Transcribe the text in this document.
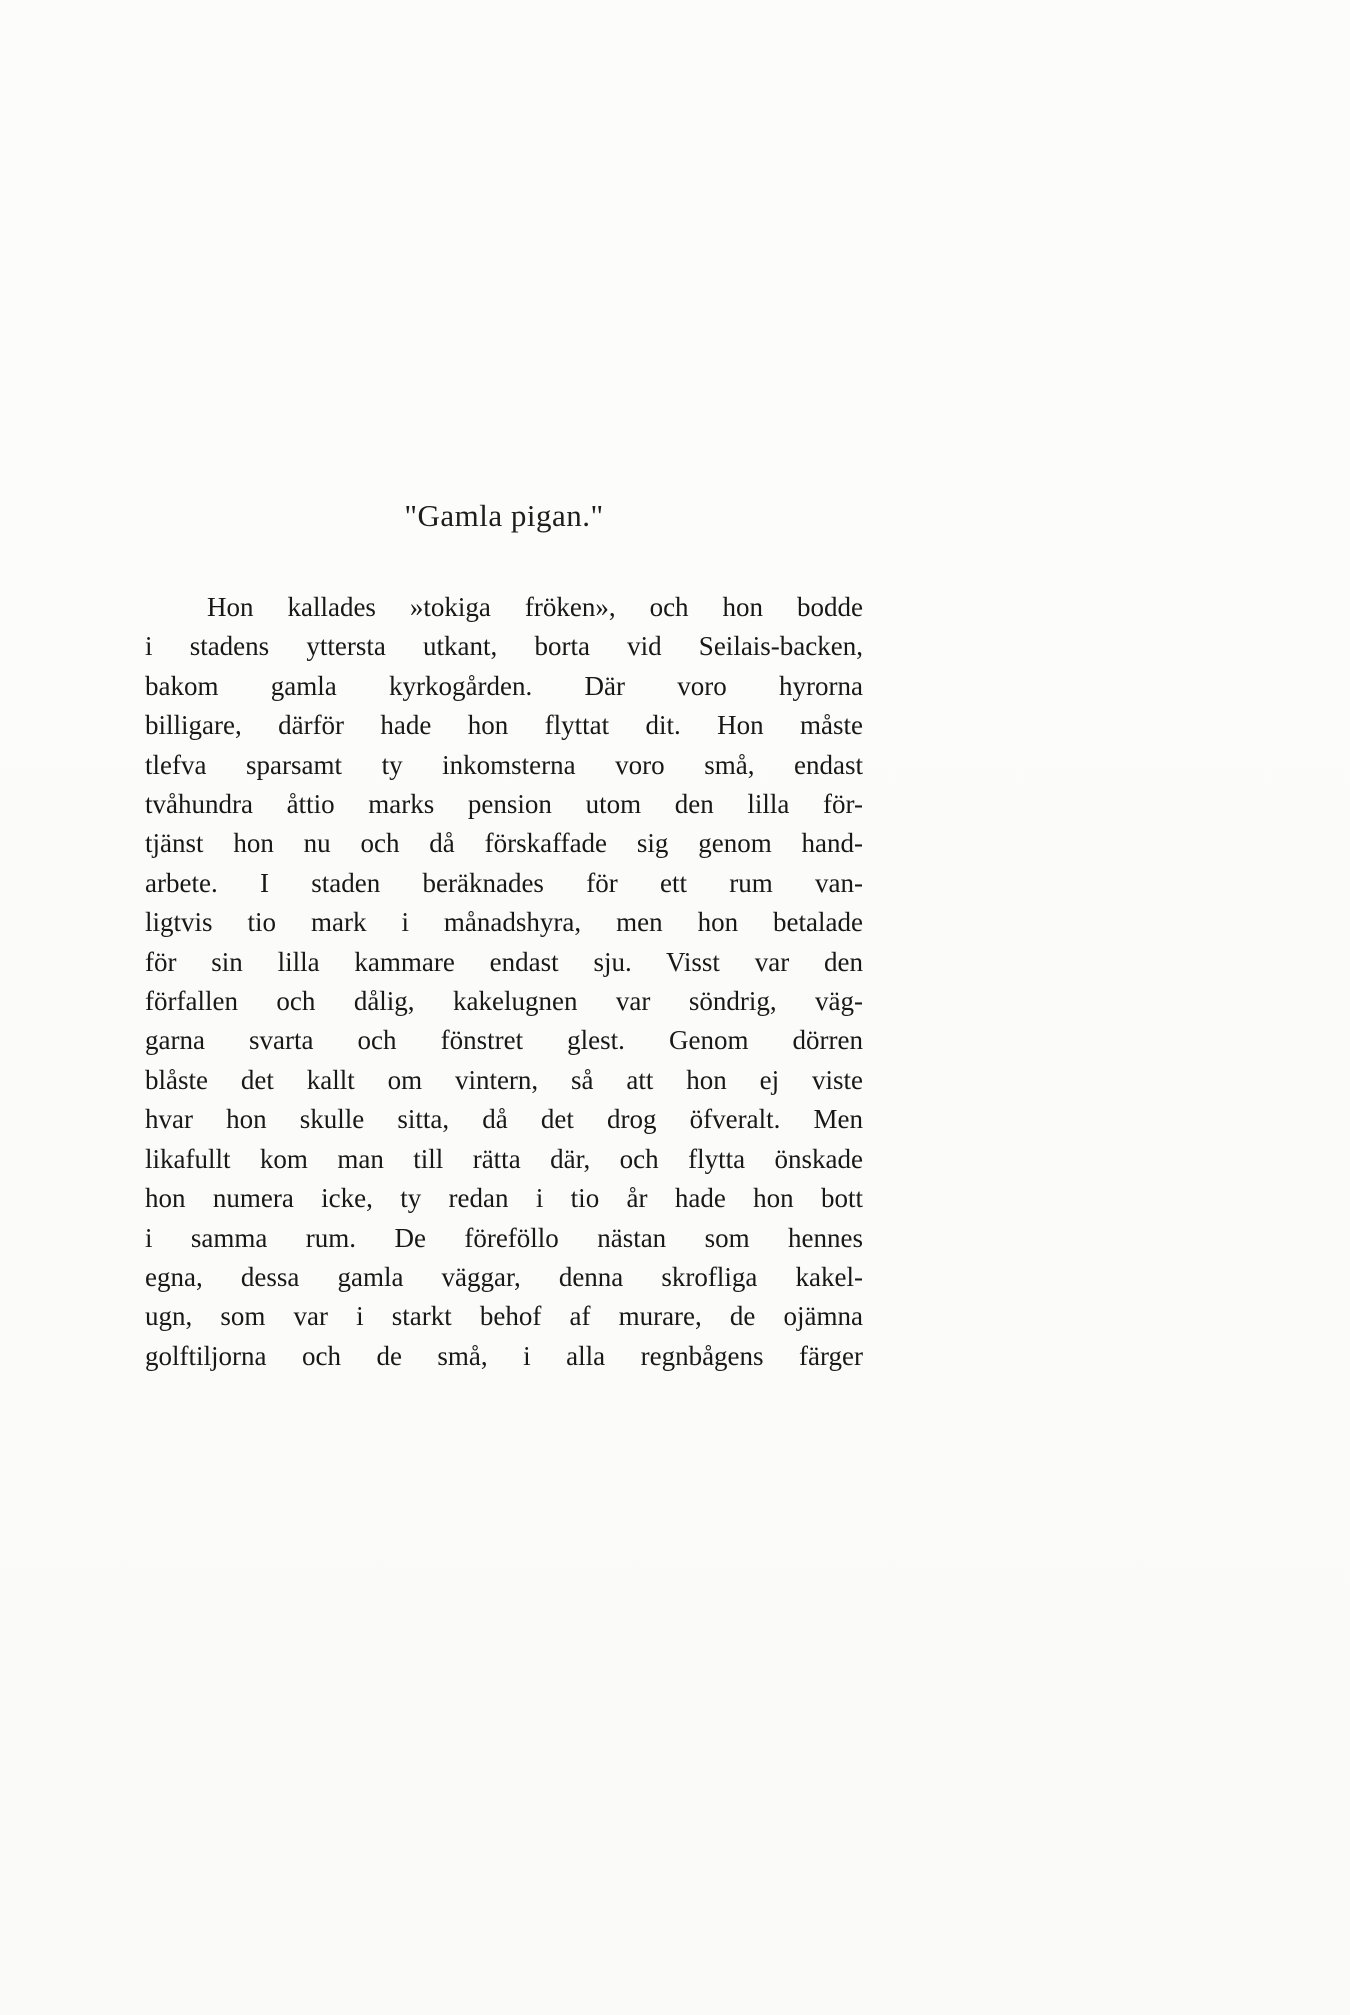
"Gamla pigan."
Hon kallades »tokiga fröken», och hon bodde
i stadens yttersta utkant, borta vid Seilais-backen,
bakom gamla kyrkogården. Där voro hyrorna
billigare, därför hade hon flyttat dit. Hon måste
tlefva sparsamt ty inkomsterna voro små, endast
tvåhundra åttio marks pension utom den lilla för-
tjänst hon nu och då förskaffade sig genom hand-
arbete. I staden beräknades för ett rum van-
ligtvis tio mark i månadshyra, men hon betalade
för sin lilla kammare endast sju. Visst var den
förfallen och dålig, kakelugnen var söndrig, väg-
garna svarta och fönstret glest. Genom dörren
blåste det kallt om vintern, så att hon ej viste
hvar hon skulle sitta, då det drog öfveralt. Men
likafullt kom man till rätta där, och flytta önskade
hon numera icke, ty redan i tio år hade hon bott
i samma rum. De föreföllo nästan som hennes
egna, dessa gamla väggar, denna skrofliga kakel-
ugn, som var i starkt behof af murare, de ojämna
golftiljorna och de små, i alla regnbågens färger
